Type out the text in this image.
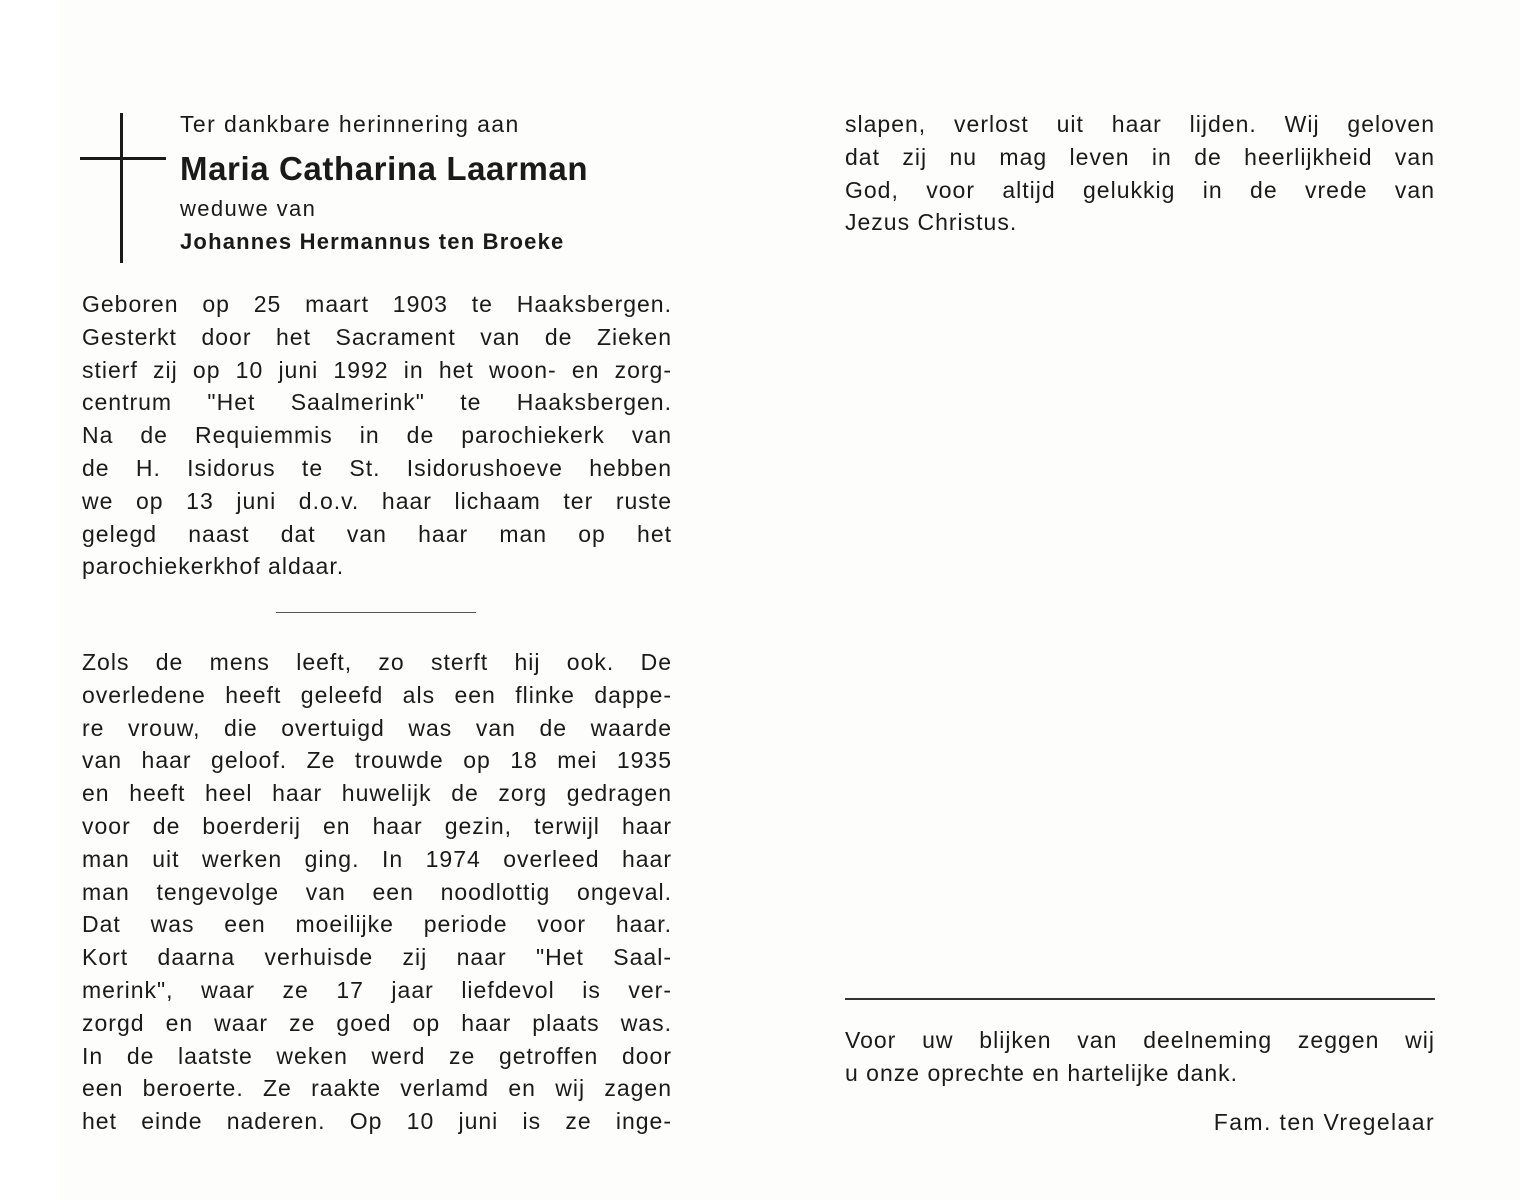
Ter dankbare herinnering aan
Maria Catharina Laarman
weduwe van
Johannes Hermannus ten Broeke
Geboren op 25 maart 1903 te Haaksbergen.
Gesterkt door het Sacrament van de Zieken
stierf zij op 10 juni 1992 in het woon- en zorg-
centrum "Het Saalmerink" te Haaksbergen.
Na de Requiemmis in de parochiekerk van
de H. Isidorus te St. Isidorushoeve hebben
we op 13 juni d.o.v. haar lichaam ter ruste
gelegd naast dat van haar man op het
parochiekerkhof aldaar.
Zols de mens leeft, zo sterft hij ook. De
overledene heeft geleefd als een flinke dappe-
re vrouw, die overtuigd was van de waarde
van haar geloof. Ze trouwde op 18 mei 1935
en heeft heel haar huwelijk de zorg gedragen
voor de boerderij en haar gezin, terwijl haar
man uit werken ging. In 1974 overleed haar
man tengevolge van een noodlottig ongeval.
Dat was een moeilijke periode voor haar.
Kort daarna verhuisde zij naar "Het Saal-
merink", waar ze 17 jaar liefdevol is ver-
zorgd en waar ze goed op haar plaats was.
In de laatste weken werd ze getroffen door
een beroerte. Ze raakte verlamd en wij zagen
het einde naderen. Op 10 juni is ze inge-
slapen, verlost uit haar lijden. Wij geloven
dat zij nu mag leven in de heerlijkheid van
God, voor altijd gelukkig in de vrede van
Jezus Christus.
Voor uw blijken van deelneming zeggen wij
u onze oprechte en hartelijke dank.
Fam. ten Vregelaar
